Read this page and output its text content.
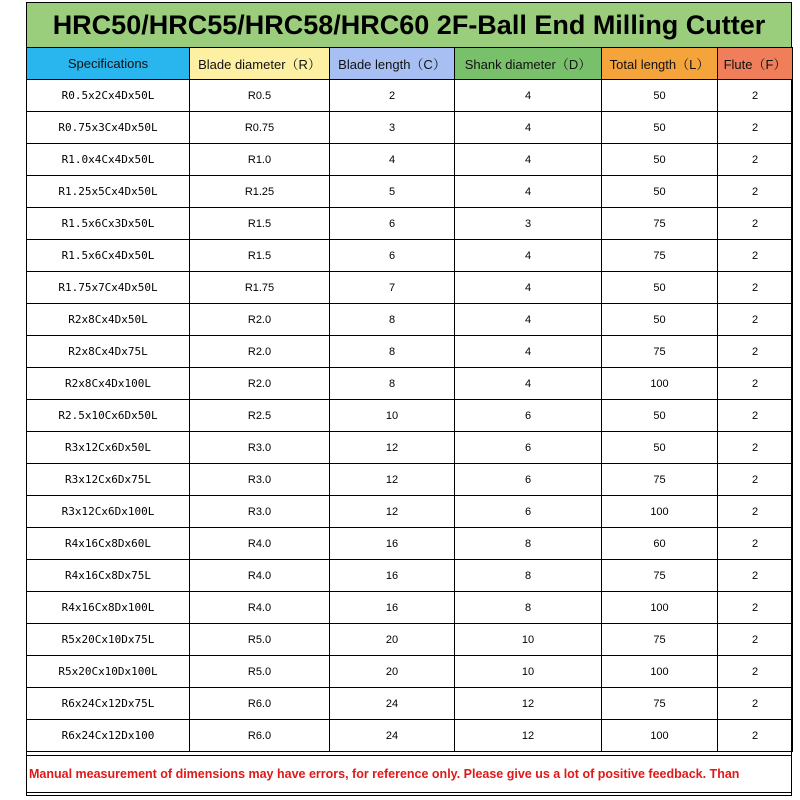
HRC50/HRC55/HRC58/HRC60 2F-Ball End Milling Cutter
Specifications	Blade diameter（R）	Blade length（C）	Shank diameter（D）	Total length（L）	Flute（F）
R0.5x2Cx4Dx50L	R0.5	2	4	50	2
R0.75x3Cx4Dx50L	R0.75	3	4	50	2
R1.0x4Cx4Dx50L	R1.0	4	4	50	2
R1.25x5Cx4Dx50L	R1.25	5	4	50	2
R1.5x6Cx3Dx50L	R1.5	6	3	75	2
R1.5x6Cx4Dx50L	R1.5	6	4	75	2
R1.75x7Cx4Dx50L	R1.75	7	4	50	2
R2x8Cx4Dx50L	R2.0	8	4	50	2
R2x8Cx4Dx75L	R2.0	8	4	75	2
R2x8Cx4Dx100L	R2.0	8	4	100	2
R2.5x10Cx6Dx50L	R2.5	10	6	50	2
R3x12Cx6Dx50L	R3.0	12	6	50	2
R3x12Cx6Dx75L	R3.0	12	6	75	2
R3x12Cx6Dx100L	R3.0	12	6	100	2
R4x16Cx8Dx60L	R4.0	16	8	60	2
R4x16Cx8Dx75L	R4.0	16	8	75	2
R4x16Cx8Dx100L	R4.0	16	8	100	2
R5x20Cx10Dx75L	R5.0	20	10	75	2
R5x20Cx10Dx100L	R5.0	20	10	100	2
R6x24Cx12Dx75L	R6.0	24	12	75	2
R6x24Cx12Dx100	R6.0	24	12	100	2
Manual measurement of dimensions may have errors, for reference only. Please give us a lot of positive feedback. Than
